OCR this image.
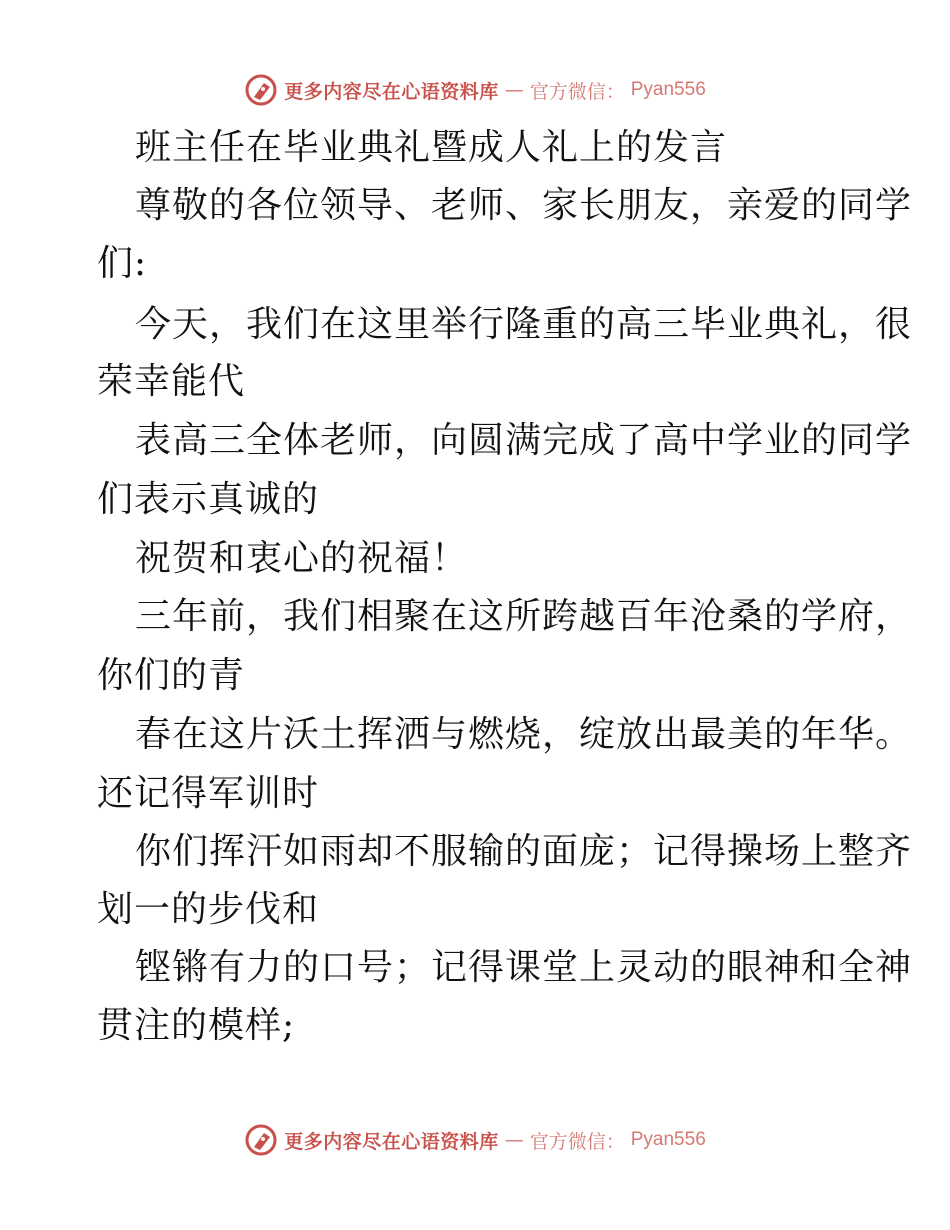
更多内容尽在心语资料库 — 官方微信： Pyan556
班主任在毕业典礼暨成人礼上的发言
尊敬的各位领导、老师、家长朋友，亲爱的同学
们:
今天，我们在这里举行隆重的高三毕业典礼，很
荣幸能代
表高三全体老师，向圆满完成了高中学业的同学
们表示真诚的
祝贺和衷心的祝福！
三年前，我们相聚在这所跨越百年沧桑的学府，
你们的青
春在这片沃土挥洒与燃烧，绽放出最美的年华。
还记得军训时
你们挥汗如雨却不服输的面庞；记得操场上整齐
划一的步伐和
铿锵有力的口号；记得课堂上灵动的眼神和全神
贯注的模样;
更多内容尽在心语资料库 — 官方微信： Pyan556
